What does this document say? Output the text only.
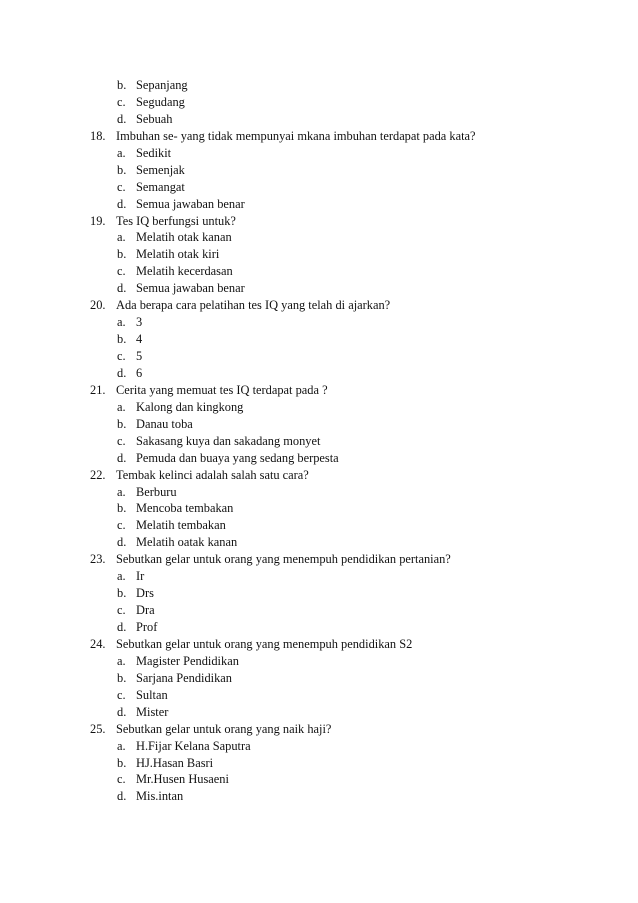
b. Sepanjang
c. Segudang
d. Sebuah
18. Imbuhan se- yang tidak mempunyai mkana imbuhan terdapat pada kata?
a. Sedikit
b. Semenjak
c. Semangat
d. Semua jawaban benar
19. Tes IQ berfungsi untuk?
a. Melatih otak kanan
b. Melatih otak kiri
c. Melatih kecerdasan
d. Semua jawaban benar
20. Ada berapa cara pelatihan tes IQ yang telah di ajarkan?
a. 3
b. 4
c. 5
d. 6
21. Cerita yang memuat tes IQ terdapat pada ?
a. Kalong dan kingkong
b. Danau toba
c. Sakasang kuya dan sakadang monyet
d. Pemuda dan buaya yang sedang berpesta
22. Tembak kelinci adalah salah satu cara?
a. Berburu
b. Mencoba tembakan
c. Melatih tembakan
d. Melatih oatak kanan
23. Sebutkan gelar untuk orang yang menempuh pendidikan pertanian?
a. Ir
b. Drs
c. Dra
d. Prof
24. Sebutkan gelar untuk orang yang menempuh pendidikan S2
a. Magister Pendidikan
b. Sarjana Pendidikan
c. Sultan
d. Mister
25. Sebutkan gelar untuk orang yang naik haji?
a. H.Fijar Kelana Saputra
b. HJ.Hasan Basri
c. Mr.Husen Husaeni
d. Mis.intan
